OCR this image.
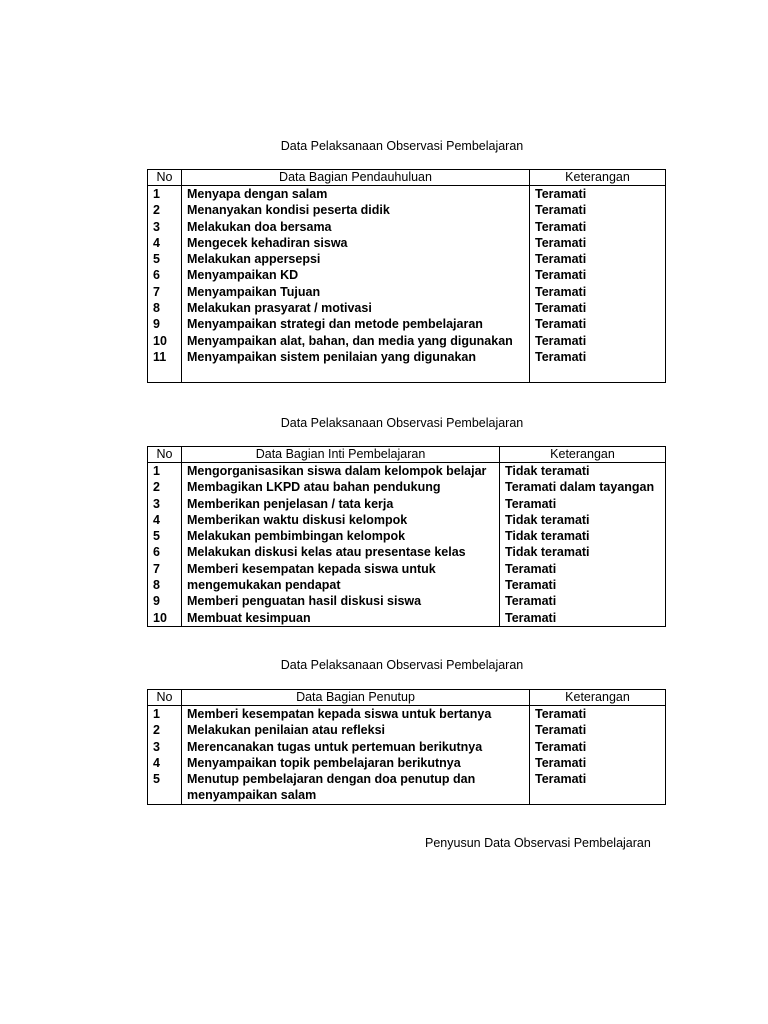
Data Pelaksanaan Observasi Pembelajaran
No	Data Bagian Pendauhuluan	Keterangan
1	Menyapa dengan salam	Teramati
2	Menanyakan kondisi peserta didik	Teramati
3	Melakukan doa bersama	Teramati
4	Mengecek kehadiran siswa	Teramati
5	Melakukan appersepsi	Teramati
6	Menyampaikan KD	Teramati
7	Menyampaikan Tujuan	Teramati
8	Melakukan prasyarat / motivasi	Teramati
9	Menyampaikan strategi dan metode pembelajaran	Teramati
10	Menyampaikan alat, bahan, dan media yang digunakan	Teramati
11	Menyampaikan sistem penilaian yang digunakan	Teramati

Data Pelaksanaan Observasi Pembelajaran
No	Data Bagian Inti Pembelajaran	Keterangan
1	Mengorganisasikan siswa dalam kelompok belajar	Tidak teramati
2	Membagikan LKPD atau bahan pendukung	Teramati dalam tayangan
3	Memberikan penjelasan / tata kerja	Teramati
4	Memberikan waktu diskusi kelompok	Tidak teramati
5	Melakukan pembimbingan kelompok	Tidak teramati
6	Melakukan diskusi kelas atau presentase kelas	Tidak teramati
7	Memberi kesempatan kepada siswa untuk	Teramati
8	mengemukakan pendapat	Teramati
9	Memberi penguatan hasil diskusi siswa	Teramati
10	Membuat kesimpuan	Teramati
Data Pelaksanaan Observasi Pembelajaran
No	Data Bagian Penutup	Keterangan
1	Memberi kesempatan kepada siswa untuk bertanya	Teramati
2	Melakukan penilaian atau refleksi	Teramati
3	Merencanakan tugas untuk pertemuan berikutnya	Teramati
4	Menyampaikan topik pembelajaran berikutnya	Teramati
5	Menutup pembelajaran dengan doa penutup dan	Teramati
	menyampaikan salam	
Penyusun Data Observasi Pembelajaran
